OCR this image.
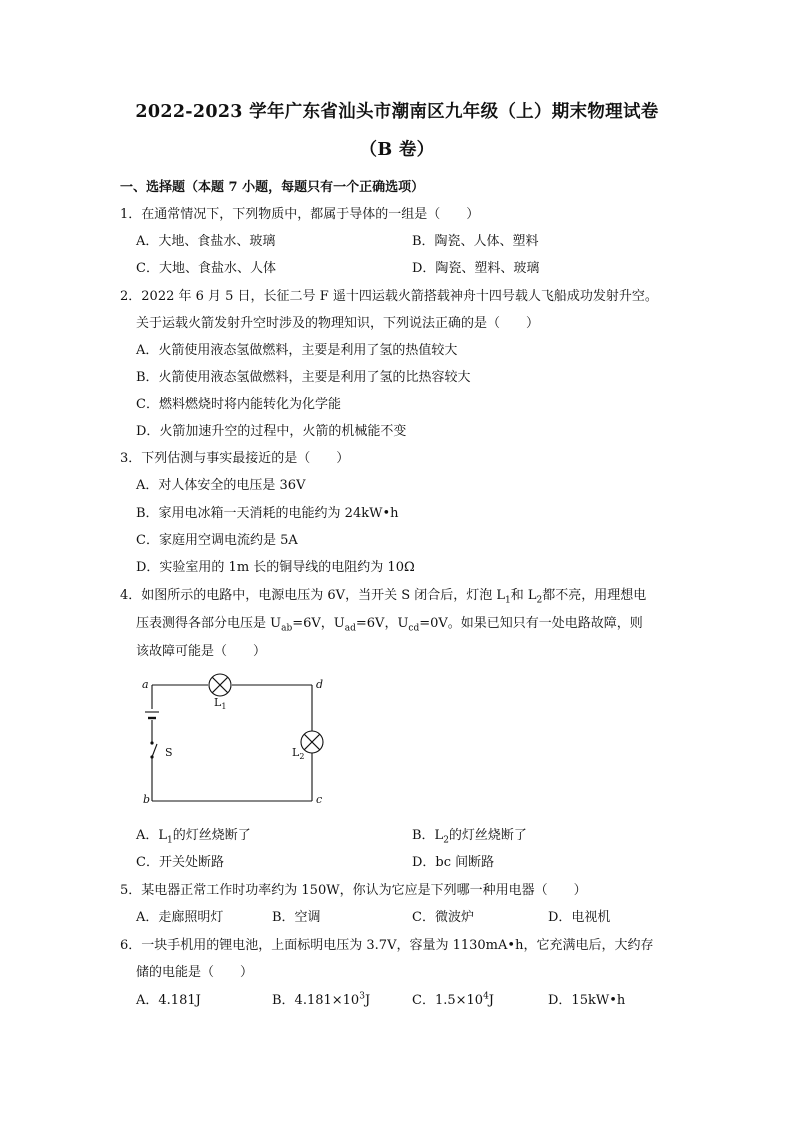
2022-2023 学年广东省汕头市潮南区九年级（上）期末物理试卷
（B 卷）
一、选择题（本题 7 小题，每题只有一个正确选项）
1．在通常情况下，下列物质中，都属于导体的一组是（　　）
A．大地、食盐水、玻璃	B．陶瓷、人体、塑料
C．大地、食盐水、人体	D．陶瓷、塑料、玻璃
2．2022 年 6 月 5 日，长征二号 F 遥十四运载火箭搭载神舟十四号载人飞船成功发射升空。
关于运载火箭发射升空时涉及的物理知识，下列说法正确的是（　　）
A．火箭使用液态氢做燃料，主要是利用了氢的热值较大
B．火箭使用液态氢做燃料，主要是利用了氢的比热容较大
C．燃料燃烧时将内能转化为化学能
D．火箭加速升空的过程中，火箭的机械能不变
3．下列估测与事实最接近的是（　　）
A．对人体安全的电压是 36V
B．家用电冰箱一天消耗的电能约为 24kW•h
C．家庭用空调电流约是 5A
D．实验室用的 1m 长的铜导线的电阻约为 10Ω
4．如图所示的电路中，电源电压为 6V，当开关 S 闭合后，灯泡 $L_1$和 $L_2$都不亮，用理想电
压表测得各部分电压是 $U_{ab}=6V$，$U_{ad}=6V$，$U_{cd}=0V$。如果已知只有一处电路故障，则
该故障可能是（　　）
a	d
b	c
S
$L_1$
$L_2$
A．$L_1$的灯丝烧断了	B．$L_2$的灯丝烧断了
C．开关处断路	D．bc 间断路
5．某电器正常工作时功率约为 150W，你认为它应是下列哪一种用电器（　　）
A．走廊照明灯	B．空调	C．微波炉	D．电视机
6．一块手机用的锂电池，上面标明电压为 3.7V，容量为 1130mA•h，它充满电后，大约存
储的电能是（　　）
A．4.181J	B．$4.181\times 10^3J$	C．$1.5\times 10^4J$	D．15kW•h
